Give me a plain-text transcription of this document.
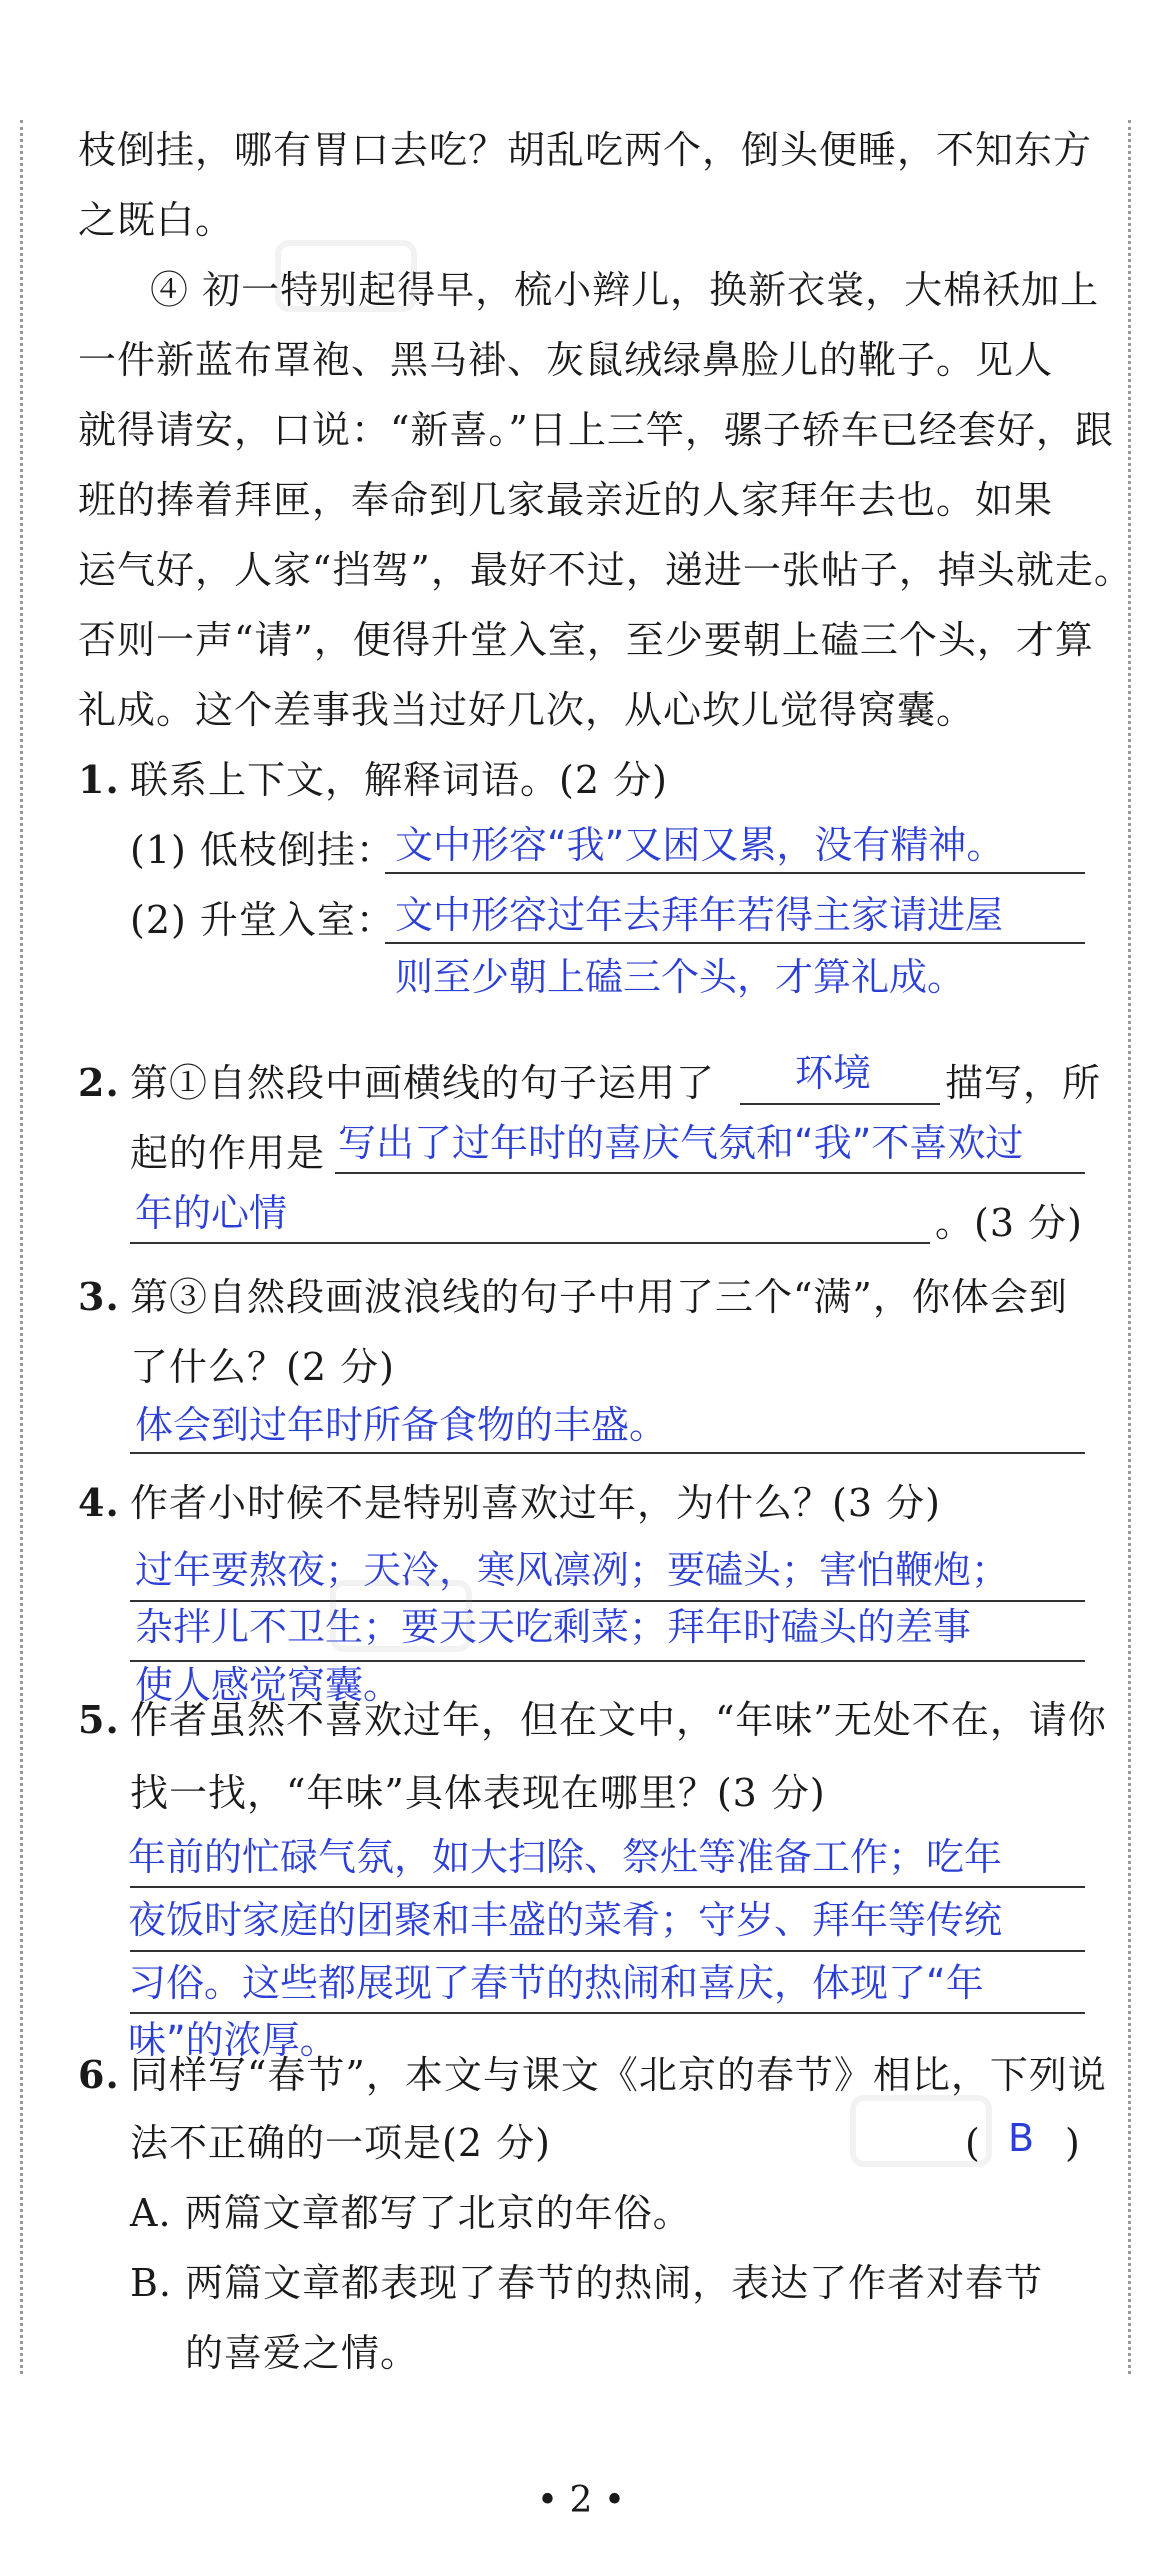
枝倒挂，哪有胃口去吃？胡乱吃两个，倒头便睡，不知东方
之既白。
④ 初一特别起得早，梳小辫儿，换新衣裳，大棉袄加上
一件新蓝布罩袍、黑马褂、灰鼠绒绿鼻脸儿的靴子。见人
就得请安，口说：“新喜。”日上三竿，骡子轿车已经套好，跟
班的捧着拜匣，奉命到几家最亲近的人家拜年去也。如果
运气好，人家“挡驾”，最好不过，递进一张帖子，掉头就走。
否则一声“请”，便得升堂入室，至少要朝上磕三个头，才算
礼成。这个差事我当过好几次，从心坎儿觉得窝囊。
1. 联系上下文，解释词语。(2 分)
(1) 低枝倒挂： 文中形容“我”又困又累，没有精神。
(2) 升堂入室： 文中形容过年去拜年若得主家请进屋
则至少朝上磕三个头，才算礼成。
2. 第①自然段中画横线的句子运用了 环境 描写，所
起的作用是 写出了过年时的喜庆气氛和“我”不喜欢过
年的心情	。(3 分)
3. 第③自然段画波浪线的句子中用了三个“满”，你体会到
了什么？(2 分)
体会到过年时所备食物的丰盛。
4. 作者小时候不是特别喜欢过年，为什么？(3 分)
过年要熬夜；天冷，寒风凛冽；要磕头；害怕鞭炮；
杂拌儿不卫生；要天天吃剩菜；拜年时磕头的差事
使人感觉窝囊。
5. 作者虽然不喜欢过年，但在文中，“年味”无处不在，请你
找一找，“年味”具体表现在哪里？(3 分)
年前的忙碌气氛，如大扫除、祭灶等准备工作；吃年
夜饭时家庭的团聚和丰盛的菜肴；守岁、拜年等传统
习俗。这些都展现了春节的热闹和喜庆，体现了“年
味”的浓厚。
6. 同样写“春节”，本文与课文《北京的春节》相比，下列说
法不正确的一项是(2 分)	( B )
A. 两篇文章都写了北京的年俗。
B. 两篇文章都表现了春节的热闹，表达了作者对春节
的喜爱之情。
• 2 •
